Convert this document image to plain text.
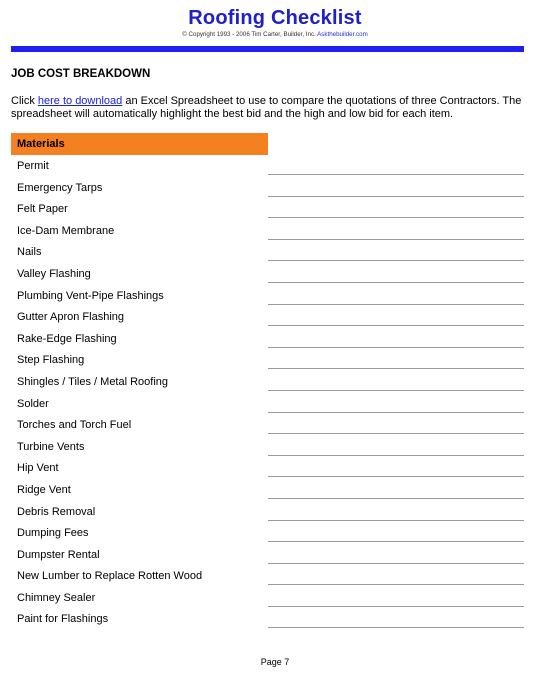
Roofing Checklist
© Copyright 1993 - 2006 Tim Carter, Builder, Inc. Askthebuilder.com
JOB COST BREAKDOWN
Click here to download an Excel Spreadsheet to use to compare the quotations of three Contractors. The spreadsheet will automatically highlight the best bid and the high and low bid for each item.
Materials
Permit
Emergency Tarps
Felt Paper
Ice-Dam Membrane
Nails
Valley Flashing
Plumbing Vent-Pipe Flashings
Gutter Apron Flashing
Rake-Edge Flashing
Step Flashing
Shingles / Tiles / Metal Roofing
Solder
Torches and Torch Fuel
Turbine Vents
Hip Vent
Ridge Vent
Debris Removal
Dumping Fees
Dumpster Rental
New Lumber to Replace Rotten Wood
Chimney Sealer
Paint for Flashings
Page 7
